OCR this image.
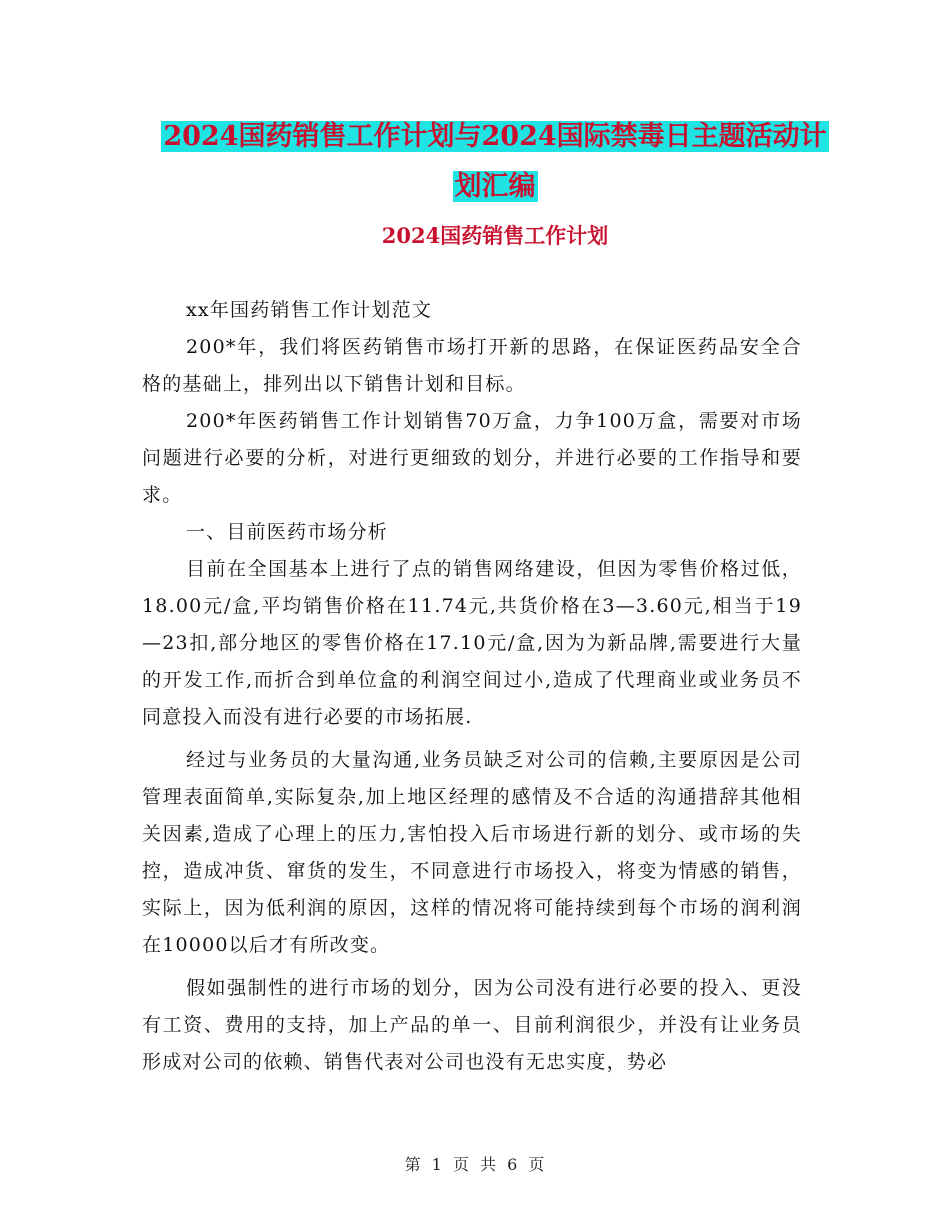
2024国药销售工作计划与2024国际禁毒日主题活动计
划汇编
2024国药销售工作计划

xx年国药销售工作计划范文

200*年，我们将医药销售市场打开新的思路，在保证医药品安全合格的基础上，排列出以下销售计划和目标。

200*年医药销售工作计划销售70万盒，力争100万盒，需要对市场问题进行必要的分析，对进行更细致的划分，并进行必要的工作指导和要求。

一、目前医药市场分析

目前在全国基本上进行了点的销售网络建设，但因为零售价格过低，18.00元/盒,平均销售价格在11.74元,共货价格在3—3.60元,相当于19—23扣,部分地区的零售价格在17.10元/盒,因为为新品牌,需要进行大量的开发工作,而折合到单位盒的利润空间过小,造成了代理商业或业务员不同意投入而没有进行必要的市场拓展.

经过与业务员的大量沟通,业务员缺乏对公司的信赖,主要原因是公司管理表面简单,实际复杂,加上地区经理的感情及不合适的沟通措辞其他相关因素,造成了心理上的压力,害怕投入后市场进行新的划分、或市场的失控，造成冲货、窜货的发生，不同意进行市场投入，将变为情感的销售，实际上，因为低利润的原因，这样的情况将可能持续到每个市场的润利润在10000以后才有所改变。

假如强制性的进行市场的划分，因为公司没有进行必要的投入、更没有工资、费用的支持，加上产品的单一、目前利润很少，并没有让业务员形成对公司的依赖、销售代表对公司也没有无忠实度，势必

第 1 页 共 6 页
